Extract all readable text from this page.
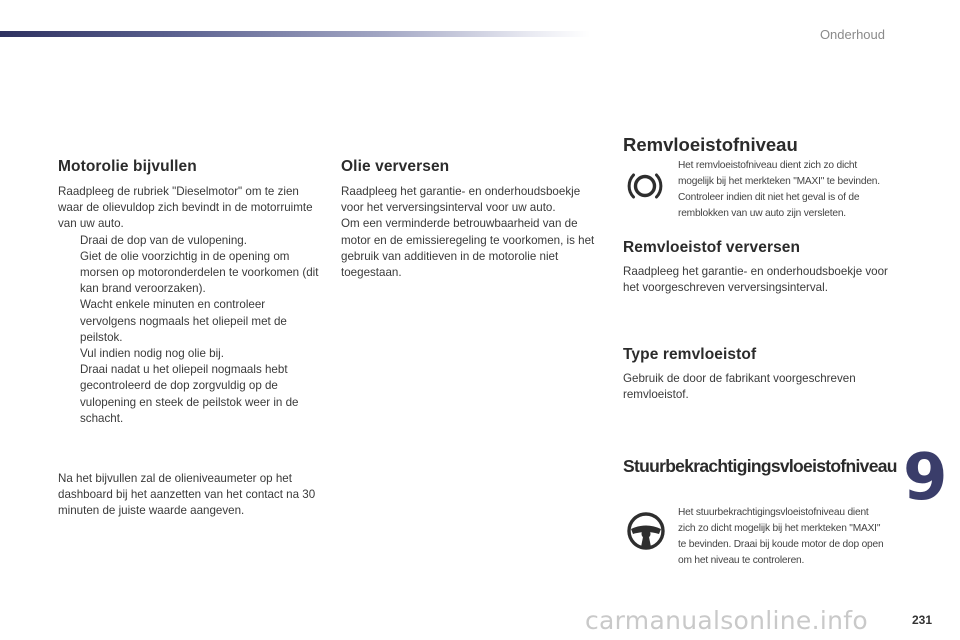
Onderhoud
Motorolie bijvullen

Raadpleeg de rubriek "Dieselmotor" om te zien waar de olievuldop zich bevindt in de motorruimte van uw auto.

Draai de dop van de vulopening.
Giet de olie voorzichtig in de opening om morsen op motoronderdelen te voorkomen (dit kan brand veroorzaken).
Wacht enkele minuten en controleer vervolgens nogmaals het oliepeil met de peilstok.
Vul indien nodig nog olie bij.
Draai nadat u het oliepeil nogmaals hebt gecontroleerd de dop zorgvuldig op de vulopening en steek de peilstok weer in de schacht.

Na het bijvullen zal de olieniveaumeter op het dashboard bij het aanzetten van het contact na 30 minuten de juiste waarde aangeven.

Olie verversen

Raadpleeg het garantie- en onderhoudsboekje voor het verversingsinterval voor uw auto.

Om een verminderde betrouwbaarheid van de motor en de emissieregeling te voorkomen, is het gebruik van additieven in de motorolie niet toegestaan.

Remvloeistofniveau

Het remvloeistofniveau dient zich zo dicht mogelijk bij het merkteken "MAXI" te bevinden. Controleer indien dit niet het geval is of de remblokken van uw auto zijn versleten.

Remvloeistof verversen

Raadpleeg het garantie- en onderhoudsboekje voor het voorgeschreven verversingsinterval.

Type remvloeistof

Gebruik de door de fabrikant voorgeschreven remvloeistof.

Stuurbekrachtigingsvloeistofniveau

Het stuurbekrachtigingsvloeistofniveau dient zich zo dicht mogelijk bij het merkteken "MAXI" te bevinden. Draai bij koude motor de dop open om het niveau te controleren.

9
carmanualsonline.info	231
